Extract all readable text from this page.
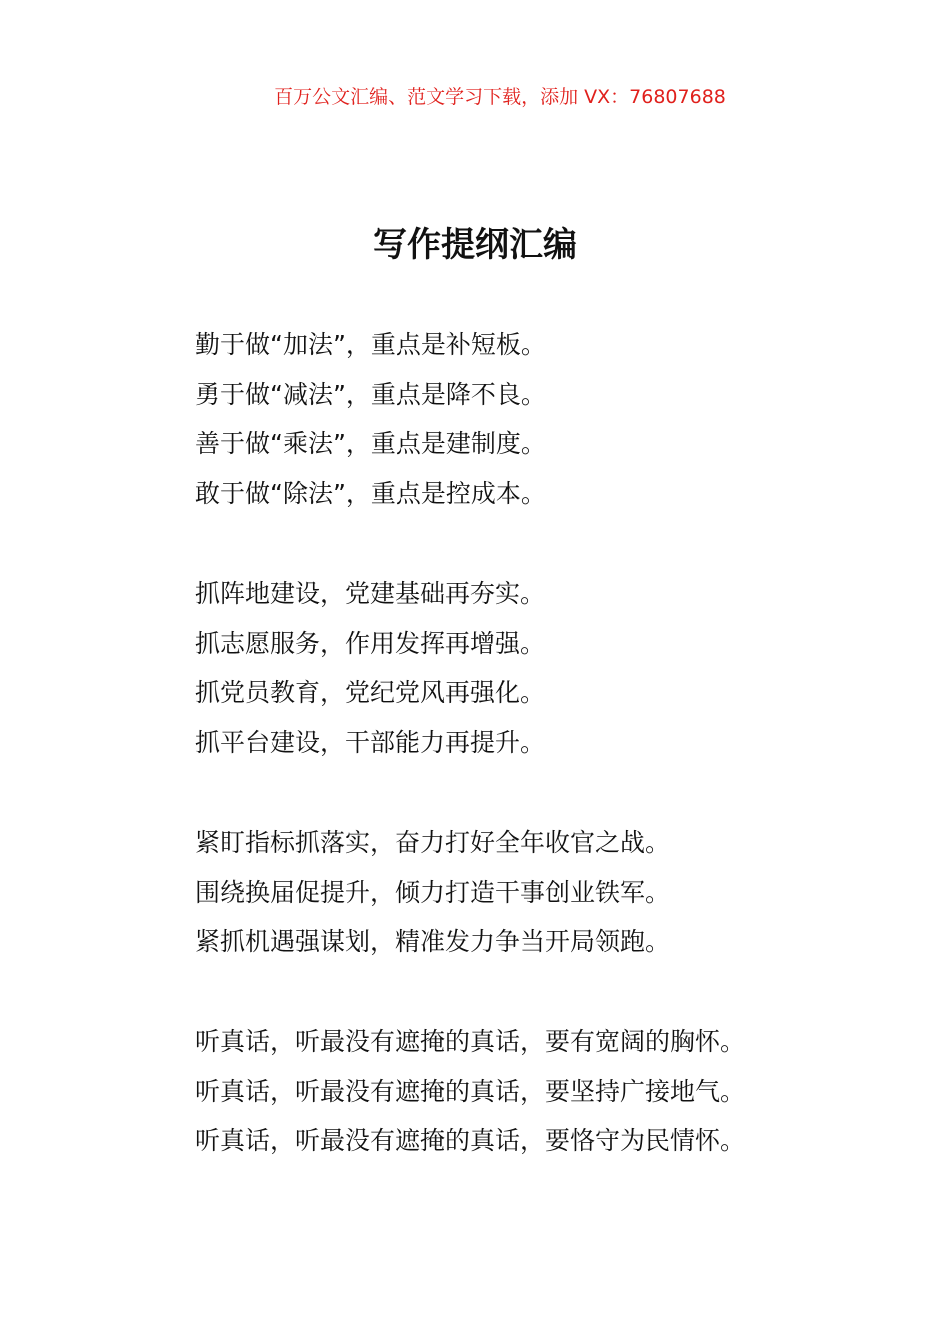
百万公文汇编、范文学习下载，添加 VX：76807688
写作提纲汇编
勤于做“加法”，重点是补短板。
勇于做“减法”，重点是降不良。
善于做“乘法”，重点是建制度。
敢于做“除法”，重点是控成本。
抓阵地建设，党建基础再夯实。
抓志愿服务，作用发挥再增强。
抓党员教育，党纪党风再强化。
抓平台建设，干部能力再提升。
紧盯指标抓落实，奋力打好全年收官之战。
围绕换届促提升，倾力打造干事创业铁军。
紧抓机遇强谋划，精准发力争当开局领跑。
听真话，听最没有遮掩的真话，要有宽阔的胸怀。
听真话，听最没有遮掩的真话，要坚持广接地气。
听真话，听最没有遮掩的真话，要恪守为民情怀。
